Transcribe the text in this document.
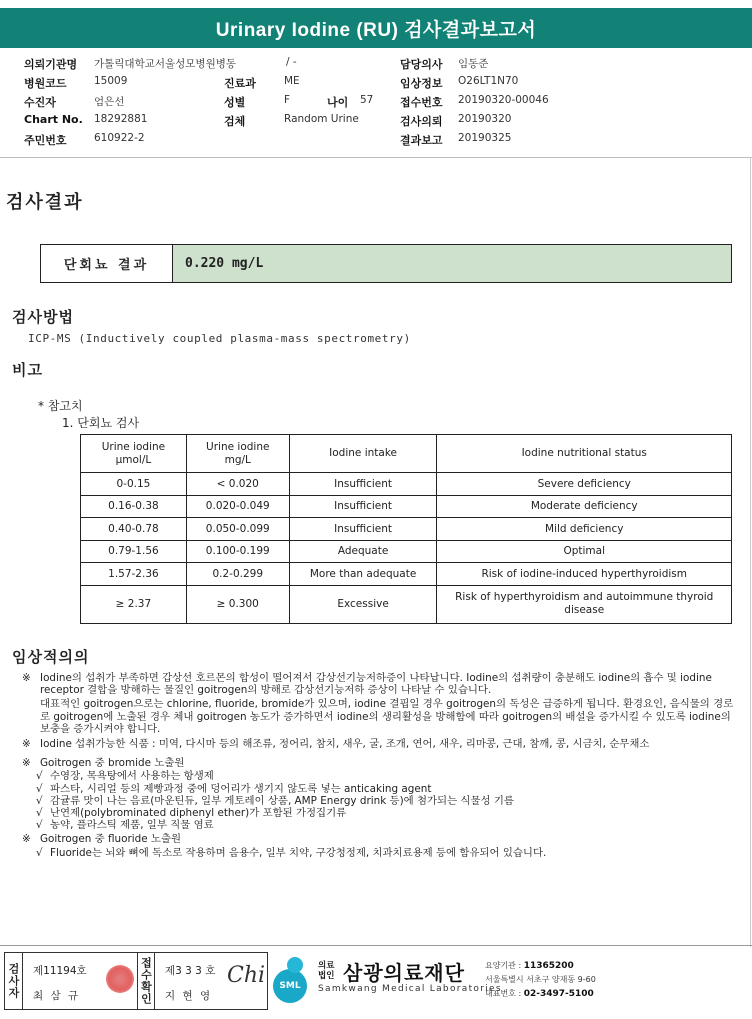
Urinary Iodine (RU) 검사결과보고서
의뢰기관명 가톨릭대학교서울성모병원병동	/ -	담당의사 임동준
병원코드	15009	진료과	ME	임상정보 O26LT1N70
수진자	엄은선	성별	F	나이 57 접수번호 20190320-00046
Chart No. 18292881	검체	Random Urine	검사의뢰 20190320
주민번호	610922-2	결과보고 20190325
검사결과
단회뇨 결과	0.220 mg/L
검사방법
ICP-MS (Inductively coupled plasma-mass spectrometry)
비고
* 참고치
1. 단회뇨 검사
Urine iodine
μmol/L	Urine iodine
mg/L	Iodine intake	Iodine nutritional status
0-0.15	< 0.020	Insufficient	Severe deficiency
0.16-0.38	0.020-0.049	Insufficient	Moderate deficiency
0.40-0.78	0.050-0.099	Insufficient	Mild deficiency
0.79-1.56	0.100-0.199	Adequate	Optimal
1.57-2.36	0.2-0.299	More than adequate	Risk of iodine-induced hyperthyroidism
≥ 2.37	≥ 0.300	Excessive	Risk of hyperthyroidism and autoimmune thyroid disease
임상적의의
※ Iodine의 섭취가 부족하면 갑상선 호르몬의 합성이 떨어져서 갑상선기능저하증이 나타납니다. Iodine의 섭취량이 충분해도 iodine의 흡수 및 iodine receptor 결합을 방해하는 물질인 goitrogen의 방해로 갑상선기능저하 증상이 나타날 수 있습니다.
대표적인 goitrogen으로는 chlorine, fluoride, bromide가 있으며, iodine 결핍일 경우 goitrogen의 독성은 급증하게 됩니다. 환경요인, 음식물의 경로로 goitrogen에 노출된 경우 체내 goitrogen 농도가 증가하면서 iodine의 생리활성을 방해함에 따라 goitrogen의 배설을 증가시킬 수 있도록 iodine의 보충을 증가시켜야 합니다.
※ Iodine 섭취가능한 식품 : 미역, 다시마 등의 해조류, 정어리, 참치, 새우, 굴, 조개, 연어, 새우, 리마콩, 근대, 참깨, 콩, 시금치, 순무채소
※ Goitrogen 중 bromide 노출원
√ 수영장, 목욕탕에서 사용하는 항생제
√ 파스타, 시리얼 등의 제빵과정 중에 덩어리가 생기지 않도록 넣는 anticaking agent
√ 감귤류 맛이 나는 음료(마운틴듀, 일부 게토레이 상품, AMP Energy drink 등)에 첨가되는 식물성 기름
√ 난연제(polybrominated diphenyl ether)가 포함된 가정집기류
√ 농약, 플라스틱 제품, 일부 직물 염료
※ Goitrogen 중 fluoride 노출원
√ Fluoride는 뇌와 뼈에 독소로 작용하며 음용수, 일부 치약, 구강청정제, 치과치료용제 등에 함유되어 있습니다.
검사자 제11194호
최 삼 규	접수확인 제3 3 3 호
지 현 영
Chi	SML
의료
법인 삼광의료재단
Samkwang Medical Laboratories
요양기관 : 11365200
서울특별시 서초구 양재동 9-60
대표번호 : 02-3497-5100
